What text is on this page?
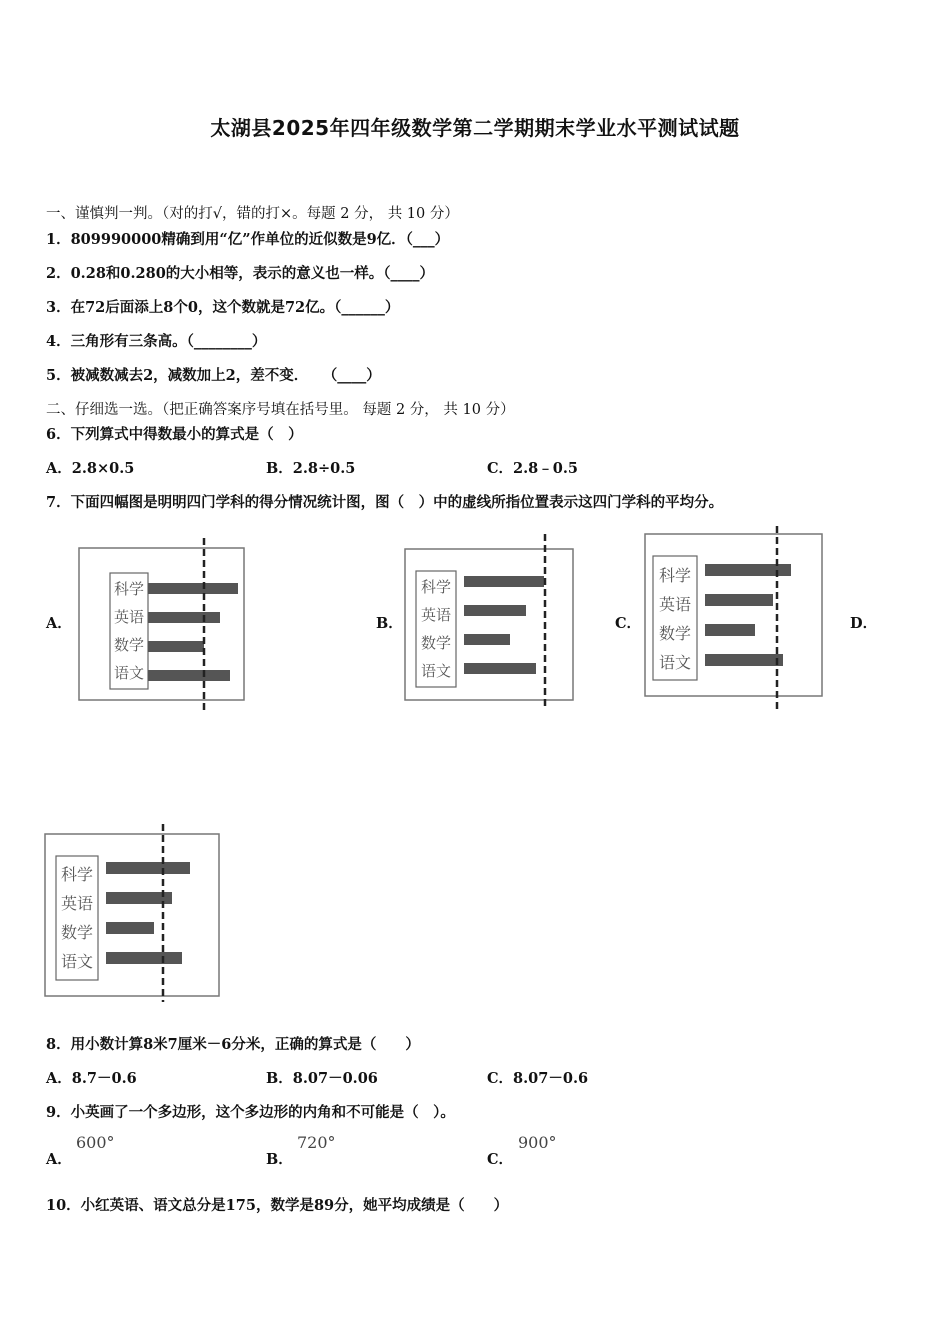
太湖县2025年四年级数学第二学期期末学业水平测试试题
一、谨慎判一判。（对的打√，错的打×。每题 2 分， 共 10 分）
1．809990000精确到用“亿”作单位的近似数是9亿．（___）
2．0.28和0.280的大小相等，表示的意义也一样。（____）
3．在72后面添上8个0，这个数就是72亿。（______）
4．三角形有三条高。（________）
5．被减数减去2，减数加上2，差不变．　　（____）
二、仔细选一选。（把正确答案序号填在括号里。 每题 2 分， 共 10 分）
6．下列算式中得数最小的算式是（　）
A．2.8×0.5	B．2.8÷0.5	C．2.8﹣0.5
7．下面四幅图是明明四门学科的得分情况统计图，图（　）中的虚线所指位置表示这四门学科的平均分。
A．	B．	C．	D．
科学
英语
数学
语文
科学
英语
数学
语文
科学
英语
数学
语文
科学
英语
数学
语文
8．用小数计算8米7厘米－6分米，正确的算式是（　　）
A．8.7－0.6	B．8.07－0.06	C．8.07－0.6
9．小英画了一个多边形，这个多边形的内角和不可能是（　）。
A．
600°
B．
720°
C．
900°
10．小红英语、语文总分是175，数学是89分，她平均成绩是（　　）
